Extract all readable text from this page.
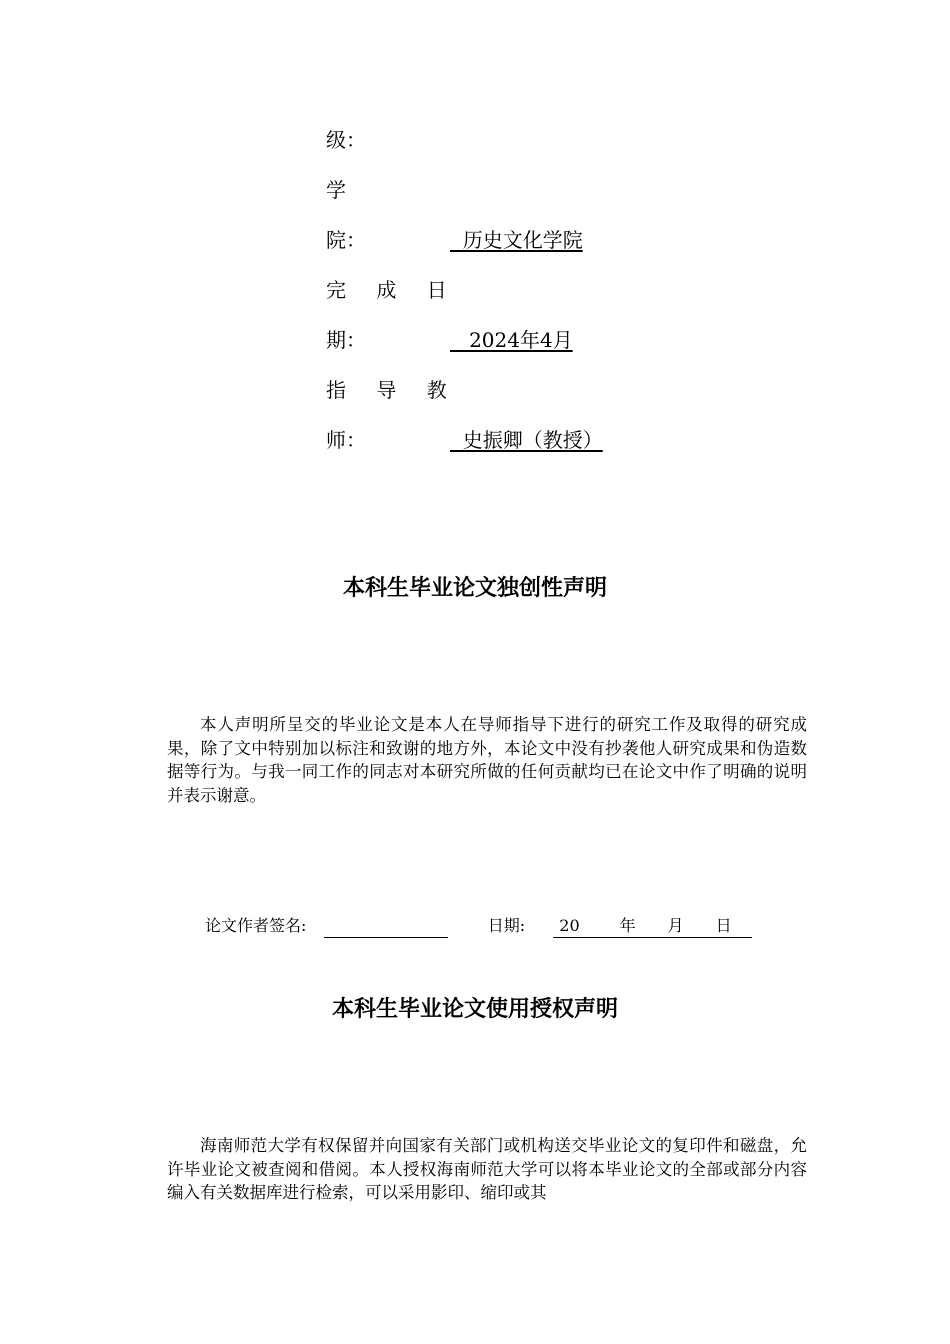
级：
学
院：	历史文化学院
完 成 日
期：	2024年4月
指 导 教
师：	史振卿（教授）
本科生毕业论文独创性声明

本人声明所呈交的毕业论文是本人在导师指导下进行的研究工作及取得的研究成果，除了文中特别加以标注和致谢的地方外，本论文中没有抄袭他人研究成果和伪造数据等行为。与我一同工作的同志对本研究所做的任何贡献均已在论文中作了明确的说明并表示谢意。

论文作者签名:	日期: 20	年 月 日
本科生毕业论文使用授权声明

海南师范大学有权保留并向国家有关部门或机构送交毕业论文的复印件和磁盘，允许毕业论文被查阅和借阅。本人授权海南师范大学可以将本毕业论文的全部或部分内容编入有关数据库进行检索，可以采用影印、缩印或其
